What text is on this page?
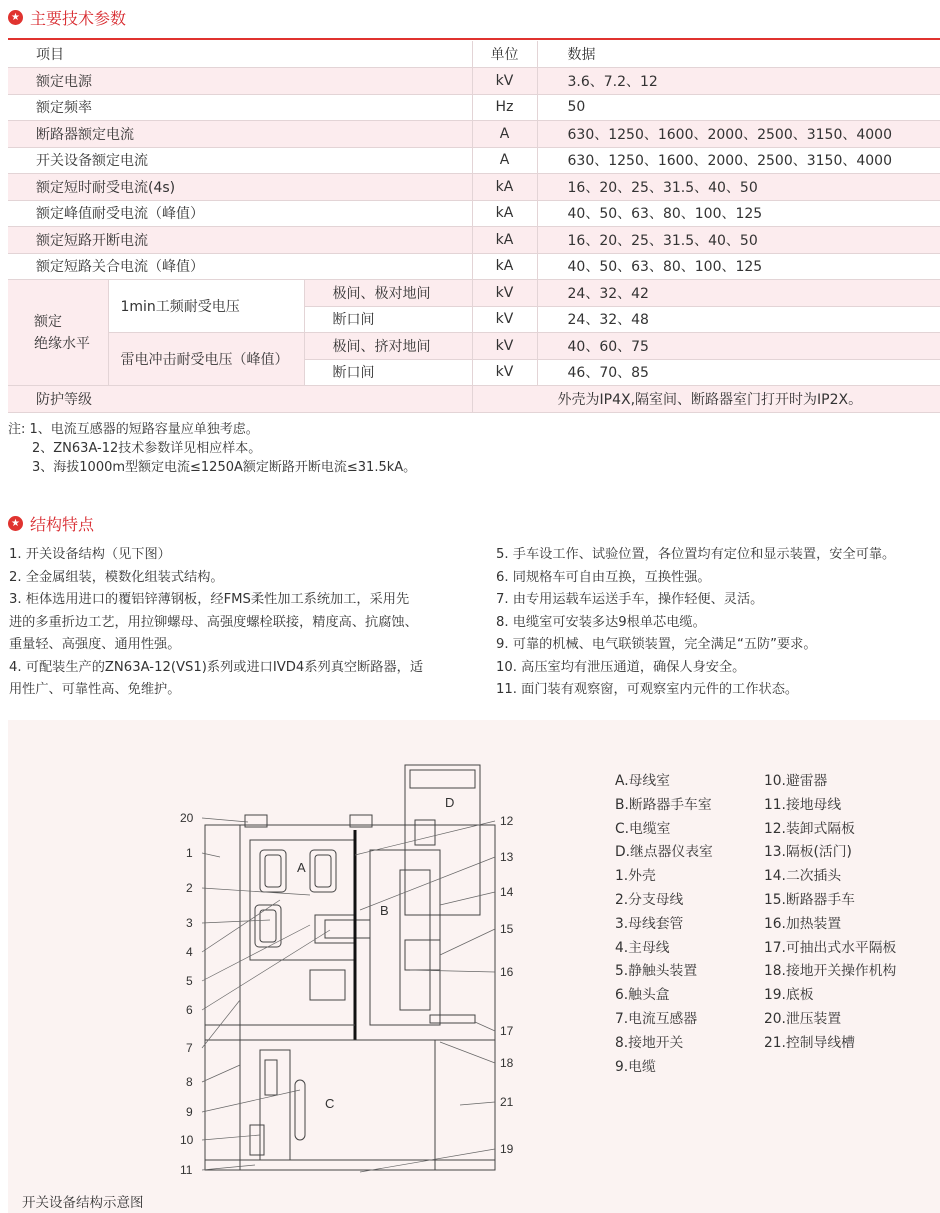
★ 主要技术参数
项目			单位	数据
额定电源			kV	3.6、7.2、12
额定频率			Hz	50
断路器额定电流			A	630、1250、1600、2000、2500、3150、4000
开关设备额定电流			A	630、1250、1600、2000、2500、3150、4000
额定短时耐受电流(4s)			kA	16、20、25、31.5、40、50
额定峰值耐受电流（峰值）			kA	40、50、63、80、100、125
额定短路开断电流			kA	16、20、25、31.5、40、50
额定短路关合电流（峰值）			kA	40、50、63、80、100、125

额定
绝缘水平	1min工频耐受电压	极间、极对地间	kV	24、32、42
		断口间	kV	24、32、48
	雷电冲击耐受电压（峰值）	极间、挤对地间	kV	40、60、75
		断口间	kV	46、70、85
防护等级			外壳为IP4X,隔室间、断路器室门打开时为IP2X。	
注: 1、电流互感器的短路容量应单独考虑。
2、ZN63A-12技术参数详见相应样本。
3、海拔1000m型额定电流≤1250A额定断路开断电流≤31.5kA。
★ 结构特点
1. 开关设备结构（见下图）
2. 全金属组装，模数化组装式结构。
3. 柜体选用进口的覆铝锌薄钢板，经FMS柔性加工系统加工，采用先
进的多重折边工艺，用拉铆螺母、高强度螺栓联接，精度高、抗腐蚀、
重量轻、高强度、通用性强。
4. 可配装生产的ZN63A-12(VS1)系列或进口IVD4系列真空断路器，适
用性广、可靠性高、免维护。
5. 手车设工作、试验位置，各位置均有定位和显示装置，安全可靠。
6. 同规格车可自由互换，互换性强。
7. 由专用运载车运送手车，操作轻便、灵活。
8. 电缆室可安装多达9根单芯电缆。
9. 可靠的机械、电气联锁装置，完全满足“五防”要求。
10. 高压室均有泄压通道，确保人身安全。
11. 面门装有观察窗，可观察室内元件的工作状态。
A
B
C
D
20
1
2
3
4
5
6
7
8
9
10
11
12
13
14
15
16
17
18
21
19
A.母线室
B.断路器手车室
C.电缆室
D.继点器仪表室
1.外壳
2.分支母线
3.母线套管
4.主母线
5.静触头装置
6.触头盒
7.电流互感器
8.接地开关
9.电缆
10.避雷器
11.接地母线
12.装卸式隔板
13.隔板(活门)
14.二次插头
15.断路器手车
16.加热装置
17.可抽出式水平隔板
18.接地开关操作机构
19.底板
20.泄压装置
21.控制导线槽
开关设备结构示意图
